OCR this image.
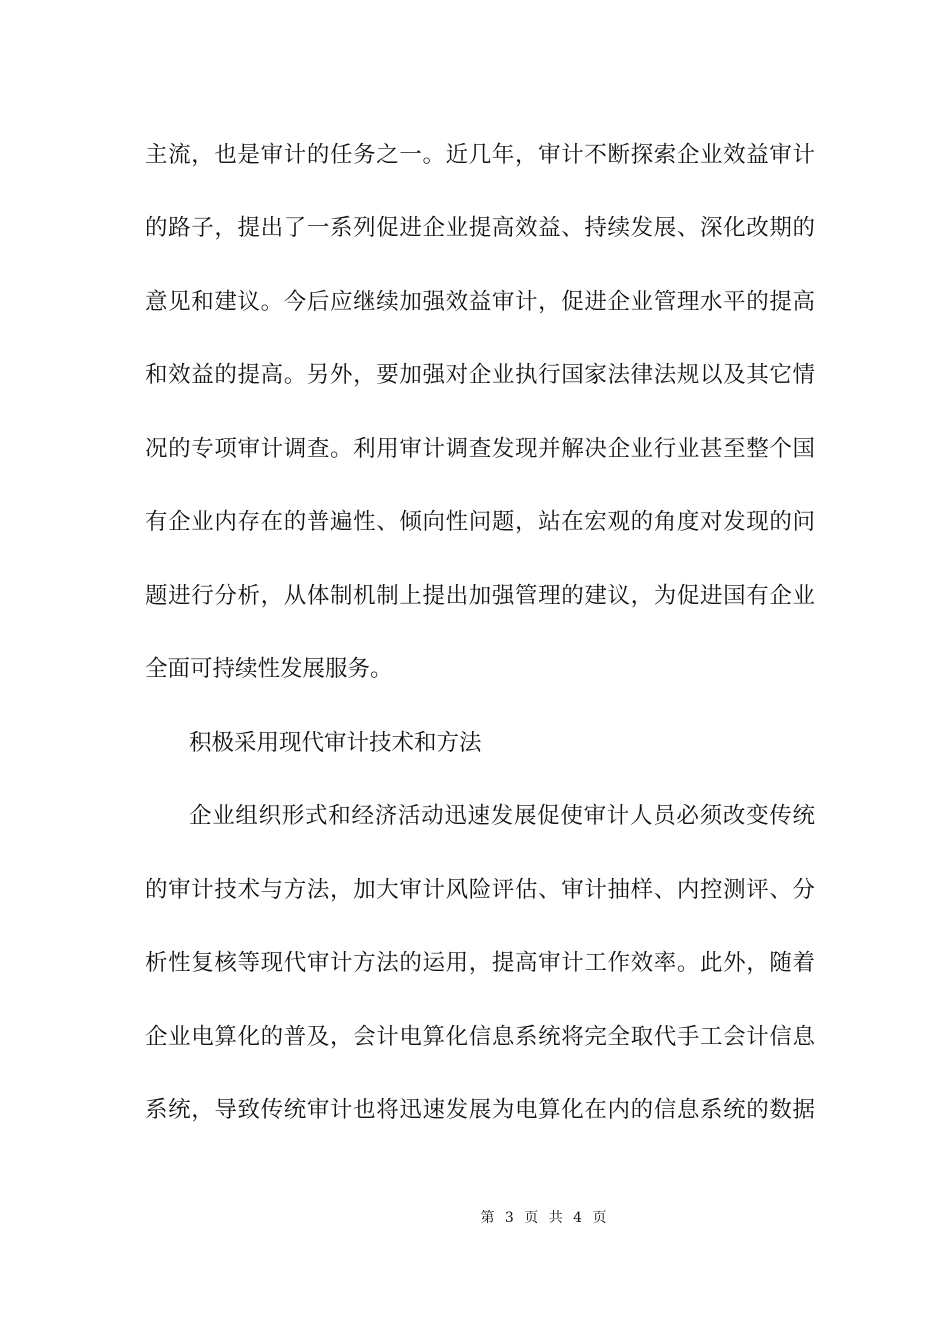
主流，也是审计的任务之一。近几年，审计不断探索企业效益审计
的路子，提出了一系列促进企业提高效益、持续发展、深化改期的
意见和建议。今后应继续加强效益审计，促进企业管理水平的提高
和效益的提高。另外，要加强对企业执行国家法律法规以及其它情
况的专项审计调查。利用审计调查发现并解决企业行业甚至整个国
有企业内存在的普遍性、倾向性问题，站在宏观的角度对发现的问
题进行分析，从体制机制上提出加强管理的建议，为促进国有企业
全面可持续性发展服务。
积极采用现代审计技术和方法
企业组织形式和经济活动迅速发展促使审计人员必须改变传统
的审计技术与方法，加大审计风险评估、审计抽样、内控测评、分
析性复核等现代审计方法的运用，提高审计工作效率。此外，随着
企业电算化的普及，会计电算化信息系统将完全取代手工会计信息
系统，导致传统审计也将迅速发展为电算化在内的信息系统的数据
第 3 页 共 4 页
